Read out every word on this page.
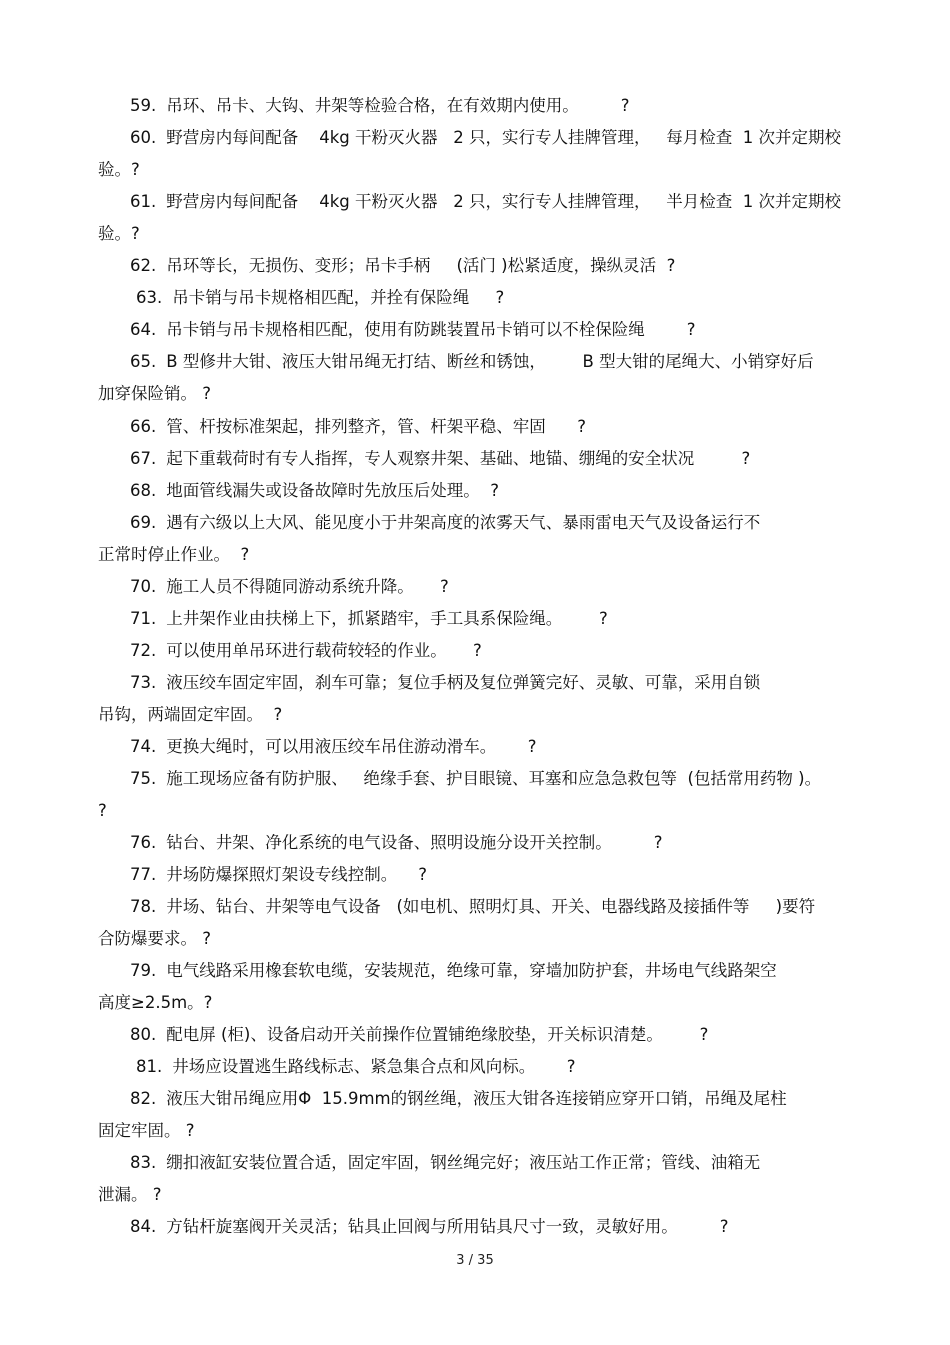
59. 吊环、吊卡、大钩、井架等检验合格，在有效期内使用。        ?
60. 野营房内每间配备    4kg 干粉灭火器   2 只，实行专人挂牌管理，   每月检查  1 次并定期校
验。?
61. 野营房内每间配备    4kg 干粉灭火器   2 只，实行专人挂牌管理，   半月检查  1 次并定期校
验。?
62. 吊环等长，无损伤、变形；吊卡手柄     (活门 )松紧适度，操纵灵活  ?
63. 吊卡销与吊卡规格相匹配，并拴有保险绳     ?
64. 吊卡销与吊卡规格相匹配，使用有防跳装置吊卡销可以不栓保险绳        ?
65. B 型修井大钳、液压大钳吊绳无打结、断丝和锈蚀，       B 型大钳的尾绳大、小销穿好后
加穿保险销。 ?
66. 管、杆按标准架起，排列整齐，管、杆架平稳、牢固      ?
67. 起下重载荷时有专人指挥，专人观察井架、基础、地锚、绷绳的安全状况         ?
68. 地面管线漏失或设备故障时先放压后处理。  ?
69. 遇有六级以上大风、能见度小于井架高度的浓雾天气、暴雨雷电天气及设备运行不
正常时停止作业。  ?
70. 施工人员不得随同游动系统升降。     ?
71. 上井架作业由扶梯上下，抓紧踏牢，手工具系保险绳。       ?
72. 可以使用单吊环进行载荷较轻的作业。     ?
73. 液压绞车固定牢固，刹车可靠；复位手柄及复位弹簧完好、灵敏、可靠，采用自锁
吊钩，两端固定牢固。  ?
74. 更换大绳时，可以用液压绞车吊住游动滑车。      ?
75. 施工现场应备有防护服、   绝缘手套、护目眼镜、耳塞和应急急救包等  (包括常用药物 )。
?
76. 钻台、井架、净化系统的电气设备、照明设施分设开关控制。        ?
77. 井场防爆探照灯架设专线控制。    ?
78. 井场、钻台、井架等电气设备   (如电机、照明灯具、开关、电器线路及接插件等     )要符
合防爆要求。 ?
79. 电气线路采用橡套软电缆，安装规范，绝缘可靠，穿墙加防护套，井场电气线路架空
高度≥2.5m。?
80. 配电屏 (柜)、设备启动开关前操作位置铺绝缘胶垫，开关标识清楚。       ?
81. 井场应设置逃生路线标志、紧急集合点和风向标。      ?
82. 液压大钳吊绳应用Φ  15.9mm的钢丝绳，液压大钳各连接销应穿开口销，吊绳及尾柱
固定牢固。 ?
83. 绷扣液缸安装位置合适，固定牢固，钢丝绳完好；液压站工作正常；管线、油箱无
泄漏。 ?
84. 方钻杆旋塞阀开关灵活；钻具止回阀与所用钻具尺寸一致，灵敏好用。        ?
3 / 35
